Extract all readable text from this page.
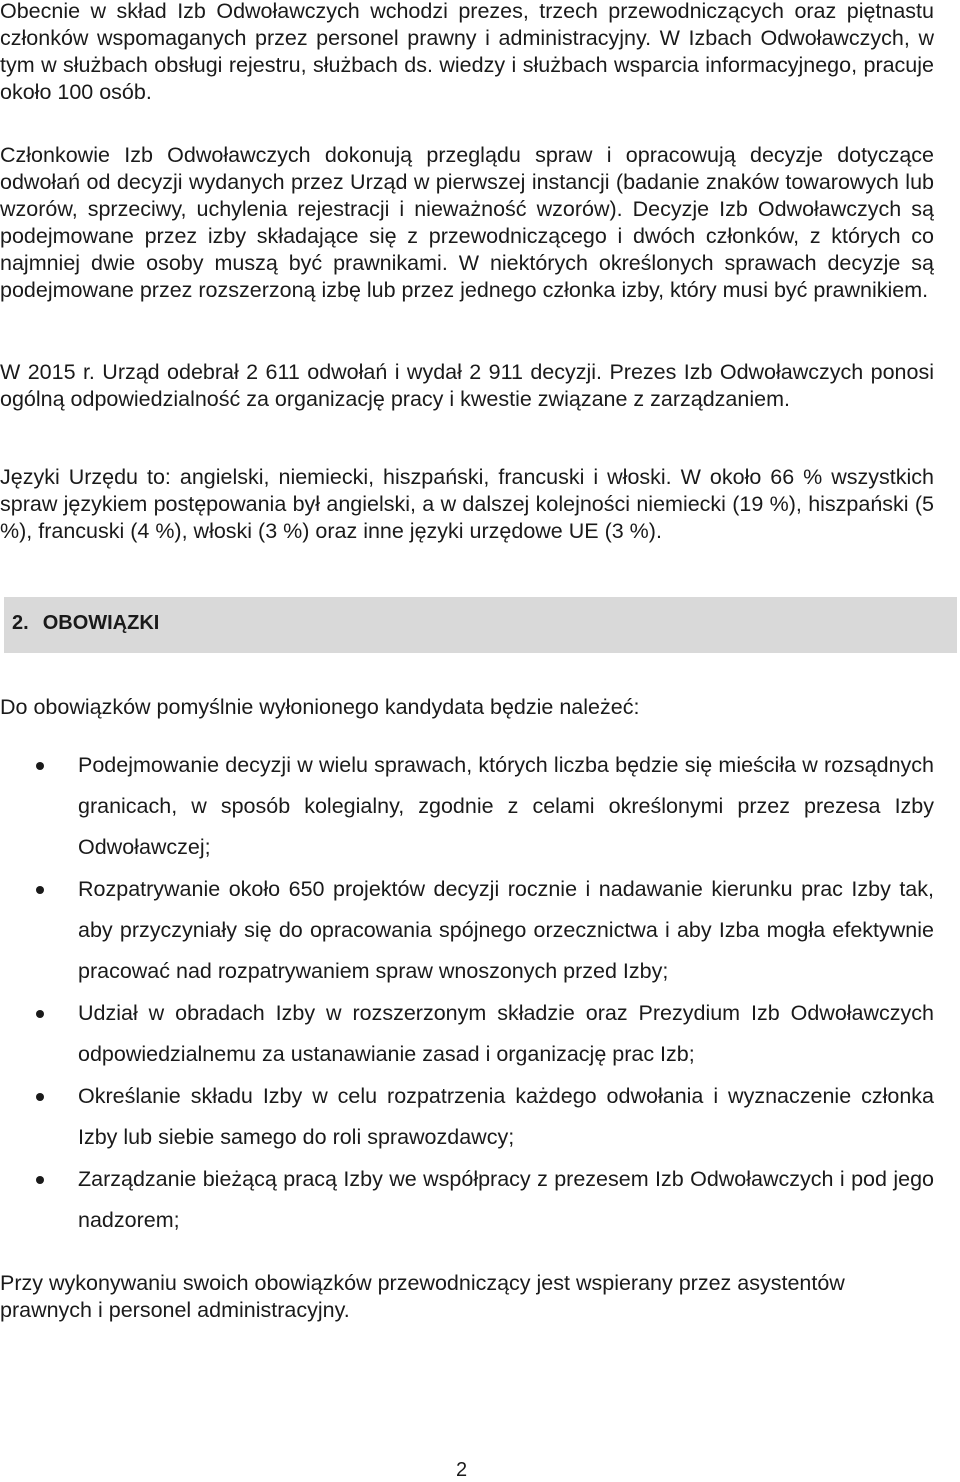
Obecnie w skład Izb Odwoławczych wchodzi prezes, trzech przewodniczących oraz piętnastu członków wspomaganych przez personel prawny i administracyjny. W Izbach Odwoławczych, w tym w służbach obsługi rejestru, służbach ds. wiedzy i służbach wsparcia informacyjnego, pracuje około 100 osób.

Członkowie Izb Odwoławczych dokonują przeglądu spraw i opracowują decyzje dotyczące odwołań od decyzji wydanych przez Urząd w pierwszej instancji (badanie znaków towarowych lub wzorów, sprzeciwy, uchylenia rejestracji i nieważność wzorów). Decyzje Izb Odwoławczych są podejmowane przez izby składające się z przewodniczącego i dwóch członków, z których co najmniej dwie osoby muszą być prawnikami. W niektórych określonych sprawach decyzje są podejmowane przez rozszerzoną izbę lub przez jednego członka izby, który musi być prawnikiem.

W 2015 r. Urząd odebrał 2 611 odwołań i wydał 2 911 decyzji. Prezes Izb Odwoławczych ponosi ogólną odpowiedzialność za organizację pracy i kwestie związane z zarządzaniem.

Języki Urzędu to: angielski, niemiecki, hiszpański, francuski i włoski. W około 66 % wszystkich spraw językiem postępowania był angielski, a w dalszej kolejności niemiecki (19 %), hiszpański (5 %), francuski (4 %), włoski (3 %) oraz inne języki urzędowe UE (3 %).

2. OBOWIĄZKI

Do obowiązków pomyślnie wyłonionego kandydata będzie należeć:

Podejmowanie decyzji w wielu sprawach, których liczba będzie się mieściła w rozsądnych granicach, w sposób kolegialny, zgodnie z celami określonymi przez prezesa Izby Odwoławczej;
Rozpatrywanie około 650 projektów decyzji rocznie i nadawanie kierunku prac Izby tak, aby przyczyniały się do opracowania spójnego orzecznictwa i aby Izba mogła efektywnie pracować nad rozpatrywaniem spraw wnoszonych przed Izby;
Udział w obradach Izby w rozszerzonym składzie oraz Prezydium Izb Odwoławczych odpowiedzialnemu za ustanawianie zasad i organizację prac Izb;
Określanie składu Izby w celu rozpatrzenia każdego odwołania i wyznaczenie członka Izby lub siebie samego do roli sprawozdawcy;
Zarządzanie bieżącą pracą Izby we współpracy z prezesem Izb Odwoławczych i pod jego nadzorem;

Przy wykonywaniu swoich obowiązków przewodniczący jest wspierany przez asystentów prawnych i personel administracyjny.

2
